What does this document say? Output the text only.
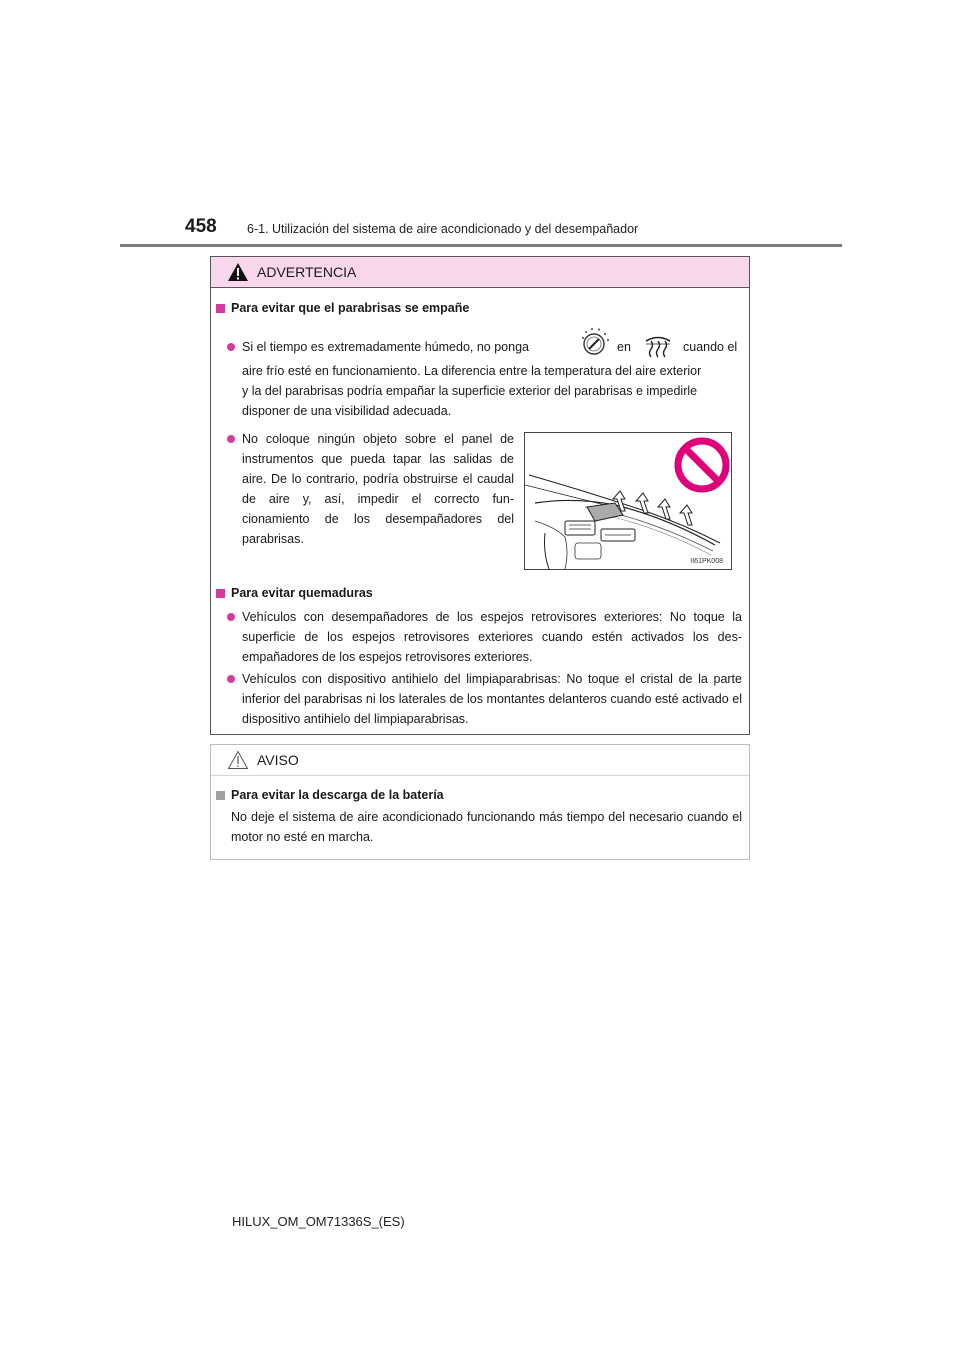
458 6-1. Utilización del sistema de aire acondicionado y del desempañador
ADVERTENCIA
Para evitar que el parabrisas se empañe
Si el tiempo es extremadamente húmedo, no ponga	en	cuando el
aire frío esté en funcionamiento. La diferencia entre la temperatura del aire exterior
y la del parabrisas podría empañar la superficie exterior del parabrisas e impedirle
disponer de una visibilidad adecuada.
No coloque ningún objeto sobre el panel de instrumentos que pueda tapar las salidas de aire. De lo contrario, podría obstruirse el caudal de aire y, así, impedir el correcto fun-cionamiento de los desempañadores del parabrisas.
II61PK008
Para evitar quemaduras
Vehículos con desempañadores de los espejos retrovisores exteriores: No toque la superficie de los espejos retrovisores exteriores cuando estén activados los des-empañadores de los espejos retrovisores exteriores.
Vehículos con dispositivo antihielo del limpiaparabrisas: No toque el cristal de la parte inferior del parabrisas ni los laterales de los montantes delanteros cuando esté activado el dispositivo antihielo del limpiaparabrisas.
AVISO
Para evitar la descarga de la batería
No deje el sistema de aire acondicionado funcionando más tiempo del necesario cuando el motor no esté en marcha.
HILUX_OM_OM71336S_(ES)
